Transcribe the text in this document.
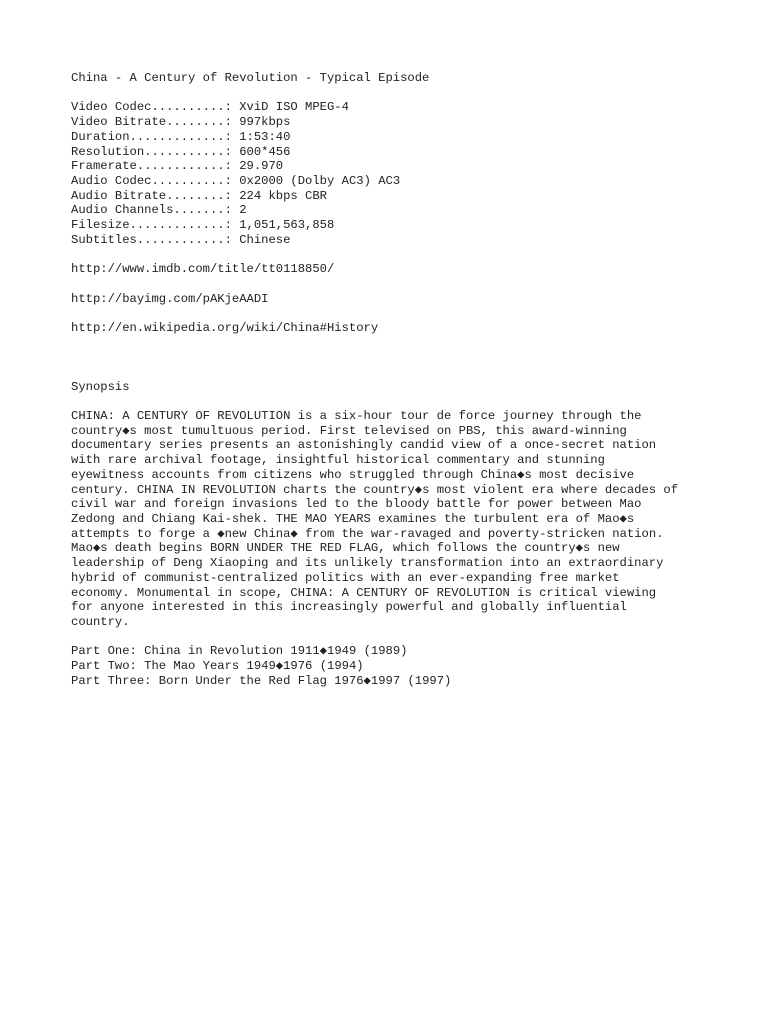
China - A Century of Revolution - Typical Episode
Video Codec..........: XviD ISO MPEG-4
Video Bitrate........: 997kbps
Duration.............: 1:53:40
Resolution...........: 600*456
Framerate............: 29.970
Audio Codec..........: 0x2000 (Dolby AC3) AC3
Audio Bitrate........: 224 kbps CBR
Audio Channels.......: 2
Filesize.............: 1,051,563,858
Subtitles............: Chinese
http://www.imdb.com/title/tt0118850/
http://bayimg.com/pAKjeAADI
http://en.wikipedia.org/wiki/China#History
Synopsis
CHINA: A CENTURY OF REVOLUTION is a six-hour tour de force journey through the
country◆s most tumultuous period. First televised on PBS, this award-winning
documentary series presents an astonishingly candid view of a once-secret nation
with rare archival footage, insightful historical commentary and stunning
eyewitness accounts from citizens who struggled through China◆s most decisive
century. CHINA IN REVOLUTION charts the country◆s most violent era where decades of
civil war and foreign invasions led to the bloody battle for power between Mao
Zedong and Chiang Kai-shek. THE MAO YEARS examines the turbulent era of Mao◆s
attempts to forge a ◆new China◆ from the war-ravaged and poverty-stricken nation.
Mao◆s death begins BORN UNDER THE RED FLAG, which follows the country◆s new
leadership of Deng Xiaoping and its unlikely transformation into an extraordinary
hybrid of communist-centralized politics with an ever-expanding free market
economy. Monumental in scope, CHINA: A CENTURY OF REVOLUTION is critical viewing
for anyone interested in this increasingly powerful and globally influential
country.
Part One: China in Revolution 1911◆1949 (1989)
Part Two: The Mao Years 1949◆1976 (1994)
Part Three: Born Under the Red Flag 1976◆1997 (1997)
